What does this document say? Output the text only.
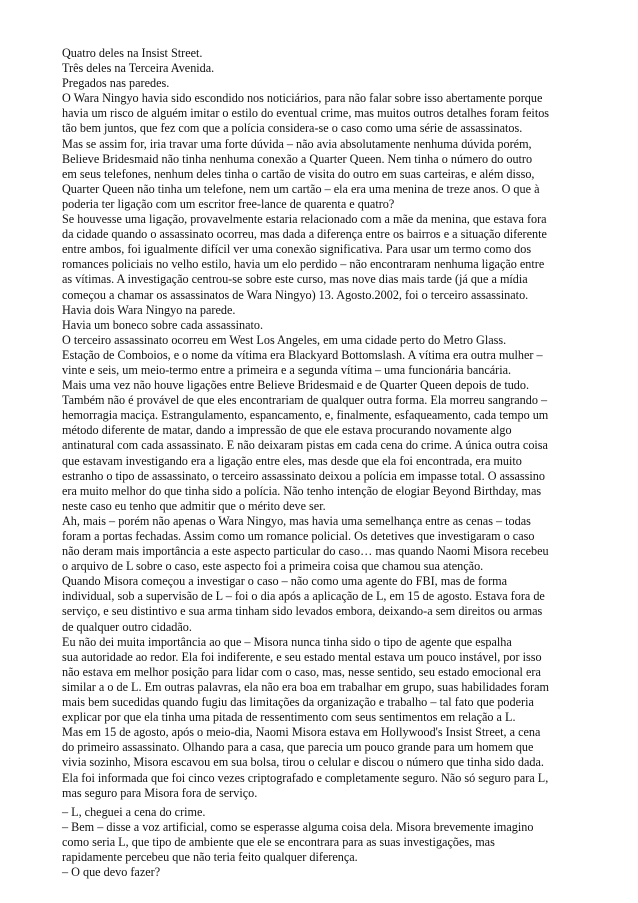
Quatro deles na Insist Street.
Três deles na Terceira Avenida.
Pregados nas paredes.
O Wara Ningyo havia sido escondido nos noticiários, para não falar sobre isso abertamente porque
havia um risco de alguém imitar o estilo do eventual crime, mas muitos outros detalhes foram feitos
tão bem juntos, que fez com que a polícia considera-se o caso como uma série de assassinatos.
Mas se assim for, iria travar uma forte dúvida – não avia absolutamente nenhuma dúvida porém,
Believe Bridesmaid não tinha nenhuma conexão a Quarter Queen. Nem tinha o número do outro
em seus telefones, nenhum deles tinha o cartão de visita do outro em suas carteiras, e além disso,
Quarter Queen não tinha um telefone, nem um cartão – ela era uma menina de treze anos. O que à
poderia ter ligação com um escritor free-lance de quarenta e quatro?
Se houvesse uma ligação, provavelmente estaria relacionado com a mãe da menina, que estava fora
da cidade quando o assassinato ocorreu, mas dada a diferença entre os bairros e a situação diferente
entre ambos, foi igualmente difícil ver uma conexão significativa. Para usar um termo como dos
romances policiais no velho estilo, havia um elo perdido – não encontraram nenhuma ligação entre
as vítimas. A investigação centrou-se sobre este curso, mas nove dias mais tarde (já que a mídia
começou a chamar os assassinatos de Wara Ningyo) 13. Agosto.2002, foi o terceiro assassinato.
Havia dois Wara Ningyo na parede.
Havia um boneco sobre cada assassinato.
O terceiro assassinato ocorreu em West Los Angeles, em uma cidade perto do Metro Glass.
Estação de Comboios, e o nome da vítima era Blackyard Bottomslash. A vítima era outra mulher –
vinte e seis, um meio-termo entre a primeira e a segunda vítima – uma funcionária bancária.
Mais uma vez não houve ligações entre Believe Bridesmaid e de Quarter Queen depois de tudo.
Também não é provável de que eles encontrariam de qualquer outra forma. Ela morreu sangrando –
hemorragia maciça. Estrangulamento, espancamento, e, finalmente, esfaqueamento, cada tempo um
método diferente de matar, dando a impressão de que ele estava procurando novamente algo
antinatural com cada assassinato. E não deixaram pistas em cada cena do crime. A única outra coisa
que estavam investigando era a ligação entre eles, mas desde que ela foi encontrada, era muito
estranho o tipo de assassinato, o terceiro assassinato deixou a polícia em impasse total. O assassino
era muito melhor do que tinha sido a polícia. Não tenho intenção de elogiar Beyond Birthday, mas
neste caso eu tenho que admitir que o mérito deve ser.
Ah, mais – porém não apenas o Wara Ningyo, mas havia uma semelhança entre as cenas – todas
foram a portas fechadas. Assim como um romance policial. Os detetives que investigaram o caso
não deram mais importância a este aspecto particular do caso… mas quando Naomi Misora recebeu
o arquivo de L sobre o caso, este aspecto foi a primeira coisa que chamou sua atenção.
Quando Misora começou a investigar o caso – não como uma agente do FBI, mas de forma
individual, sob a supervisão de L – foi o dia após a aplicação de L, em 15 de agosto. Estava fora de
serviço, e seu distintivo e sua arma tinham sido levados embora, deixando-a sem direitos ou armas
de qualquer outro cidadão.
Eu não dei muita importância ao que – Misora nunca tinha sido o tipo de agente que espalha
sua autoridade ao redor. Ela foi indiferente, e seu estado mental estava um pouco instável, por isso
não estava em melhor posição para lidar com o caso, mas, nesse sentido, seu estado emocional era
similar a o de L. Em outras palavras, ela não era boa em trabalhar em grupo, suas habilidades foram
mais bem sucedidas quando fugiu das limitações da organização e trabalho – tal fato que poderia
explicar por que ela tinha uma pitada de ressentimento com seus sentimentos em relação a L.
Mas em 15 de agosto, após o meio-dia, Naomi Misora estava em Hollywood's Insist Street, a cena
do primeiro assassinato. Olhando para a casa, que parecia um pouco grande para um homem que
vivia sozinho, Misora escavou em sua bolsa, tirou o celular e discou o número que tinha sido dada.
Ela foi informada que foi cinco vezes criptografado e completamente seguro. Não só seguro para L,
mas seguro para Misora fora de serviço.
– L, cheguei a cena do crime.
– Bem – disse a voz artificial, como se esperasse alguma coisa dela. Misora brevemente imagino
como seria L, que tipo de ambiente que ele se encontrara para as suas investigações, mas
rapidamente percebeu que não teria feito qualquer diferença.
– O que devo fazer?
